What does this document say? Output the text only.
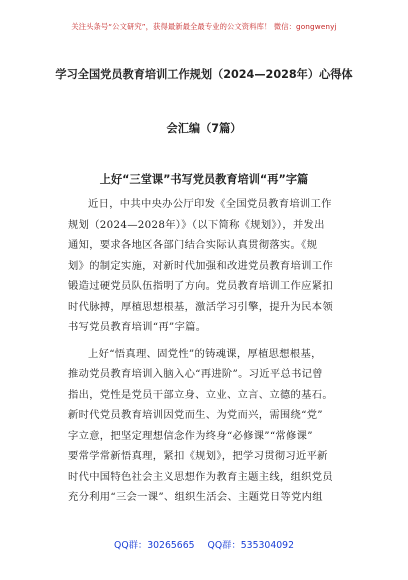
关注头条号“公文研究”，获得最新最全最专业的公文资料库！ 微信：gongwenyj
学习全国党员教育培训工作规划（2024—2028年）心得体
会汇编（7篇）
上好“三堂课”书写党员教育培训“再”字篇

近日，中共中央办公厅印发《全国党员教育培训工作
规划（2024—2028年）》（以下简称《规划》），并发出
通知，要求各地区各部门结合实际认真贯彻落实。《规
划》的制定实施，对新时代加强和改进党员教育培训工作
锻造过硬党员队伍指明了方向。党员教育培训工作应紧扣
时代脉搏，厚植思想根基，激活学习引擎，提升为民本领
书写党员教育培训“再”字篇。

上好“悟真理、固党性”的铸魂课，厚植思想根基，
推动党员教育培训入脑入心“再进阶”。习近平总书记曾
指出，党性是党员干部立身、立业、立言、立德的基石。
新时代党员教育培训因党而生、为党而兴，需围绕“党”
字立意，把坚定理想信念作为终身“必修课”“常修课”
要常学常新悟真理，紧扣《规划》，把学习贯彻习近平新
时代中国特色社会主义思想作为教育主题主线，组织党员
充分利用“三会一课”、组织生活会、主题党日等党内组

QQ群：30265665 QQ群：535304092
